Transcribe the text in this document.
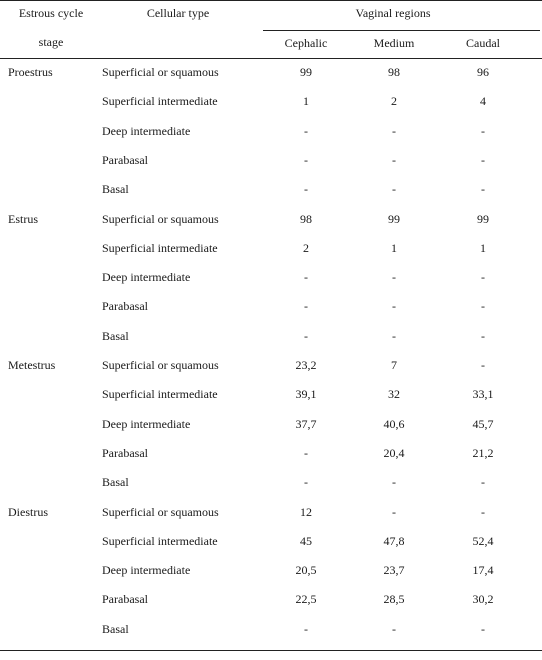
Estrous cycle
stage
Cellular type	Vaginal regions
Cephalic	Medium	Caudal
Proestrus	Superficial or squamous	99	98	96
Superficial intermediate	1	2	4
Deep intermediate	-	-	-
Parabasal	-	-	-
Basal	-	-	-
Estrus	Superficial or squamous	98	99	99
Superficial intermediate	2	1	1
Deep intermediate	-	-	-
Parabasal	-	-	-
Basal	-	-	-
Metestrus	Superficial or squamous	23,2	7	-
Superficial intermediate	39,1	32	33,1
Deep intermediate	37,7	40,6	45,7
Parabasal	-	20,4	21,2
Basal	-	-	-
Diestrus	Superficial or squamous	12	-	-
Superficial intermediate	45	47,8	52,4
Deep intermediate	20,5	23,7	17,4
Parabasal	22,5	28,5	30,2
Basal	-	-	-
